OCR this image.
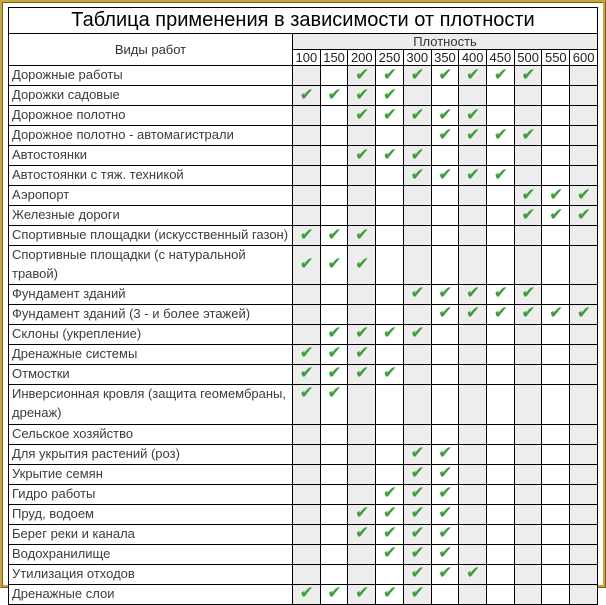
Таблица применения в зависимости от плотности											
Виды работ	Плотность										
	100	150	200	250	300	350	400	450	500	550	600
Дорожные работы			✔	✔	✔	✔	✔	✔	✔		
Дорожки садовые	✔	✔	✔	✔							
Дорожное полотно			✔	✔	✔	✔	✔				
Дорожное полотно - автомагистрали						✔	✔	✔	✔		
Автостоянки			✔	✔	✔						
Автостоянки с тяж. техникой					✔	✔	✔	✔			
Аэропорт									✔	✔	✔
Железные дороги									✔	✔	✔
Спортивные площадки (искусственный газон)	✔	✔	✔								
Спортивные площадки (с натуральной травой)	✔	✔	✔								
Фундамент зданий					✔	✔	✔	✔	✔		
Фундамент зданий (3 - и более этажей)						✔	✔	✔	✔	✔	✔
Склоны (укрепление)		✔	✔	✔	✔						
Дренажные системы	✔	✔	✔								
Отмостки	✔	✔	✔	✔							
Инверсионная кровля (защита геомембраны, дренаж)	✔	✔									
Сельское хозяйство											
Для укрытия растений (роз)					✔	✔					
Укрытие семян					✔	✔					
Гидро работы				✔	✔	✔					
Пруд, водоем			✔	✔	✔	✔					
Берег реки и канала			✔	✔	✔	✔					
Водохранилище				✔	✔	✔					
Утилизация отходов					✔	✔	✔				
Дренажные слои	✔	✔	✔	✔	✔						
